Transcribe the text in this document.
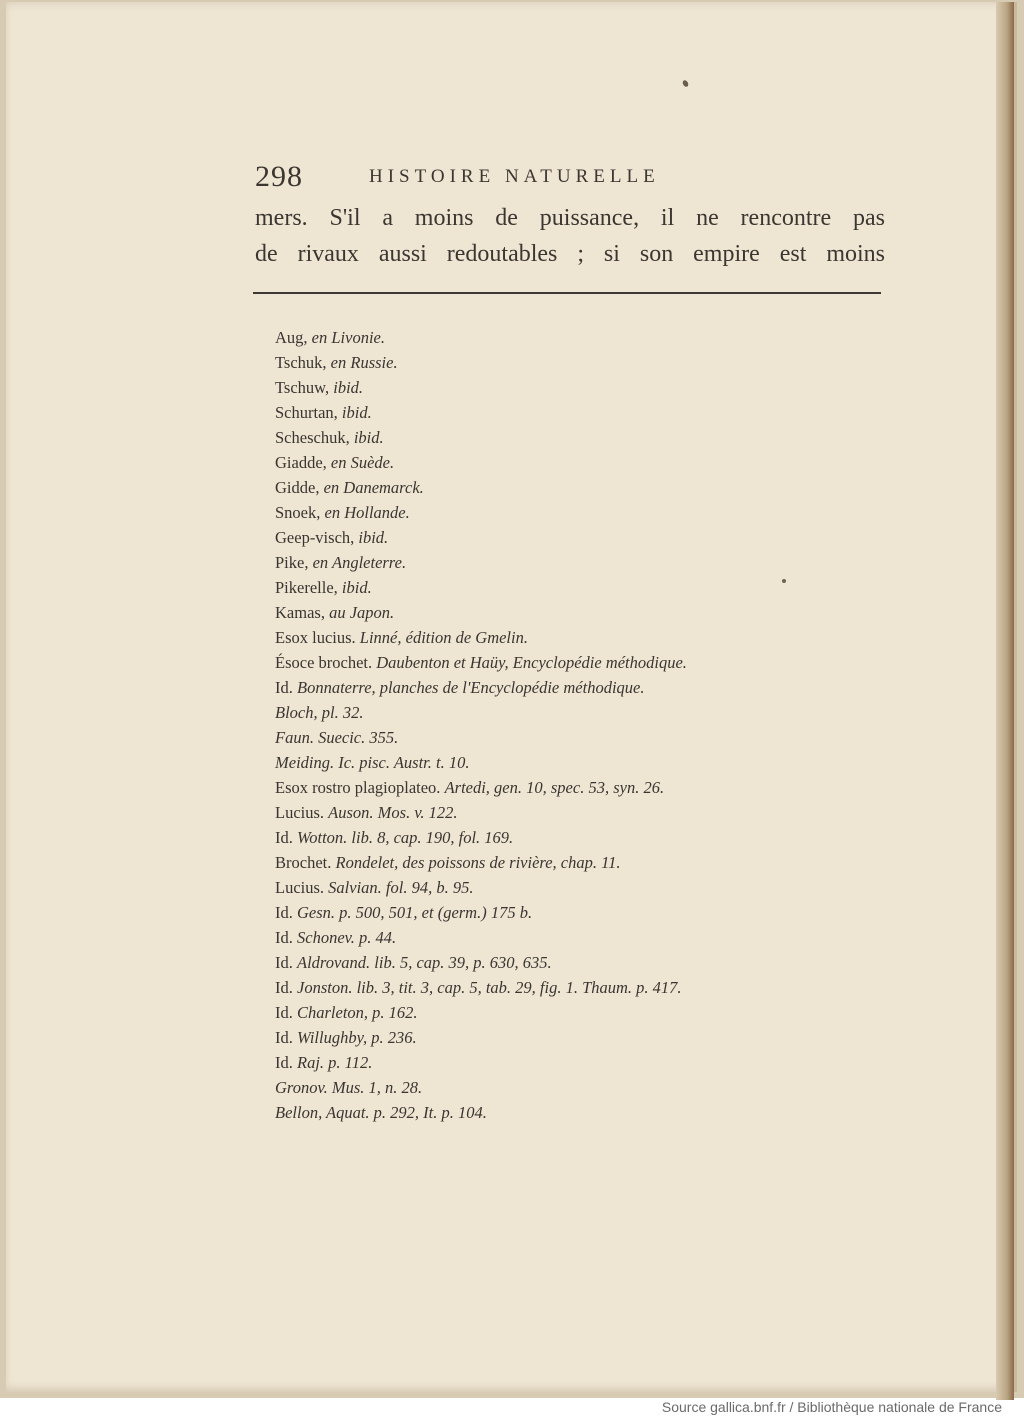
298	HISTOIRE NATURELLE
mers. S'il a moins de puissance, il ne rencontre pas
de rivaux aussi redoutables ; si son empire est moins
Aug, en Livonie.
Tschuk, en Russie.
Tschuw, ibid.
Schurtan, ibid.
Scheschuk, ibid.
Giadde, en Suède.
Gidde, en Danemarck.
Snoek, en Hollande.
Geep-visch, ibid.
Pike, en Angleterre.
Pikerelle, ibid.
Kamas, au Japon.
Esox lucius. Linné, édition de Gmelin.
Ésoce brochet. Daubenton et Haüy, Encyclopédie méthodique.
Id. Bonnaterre, planches de l'Encyclopédie méthodique.
Bloch, pl. 32.
Faun. Suecic. 355.
Meiding. Ic. pisc. Austr. t. 10.
Esox rostro plagioplateo. Artedi, gen. 10, spec. 53, syn. 26.
Lucius. Auson. Mos. v. 122.
Id. Wotton. lib. 8, cap. 190, fol. 169.
Brochet. Rondelet, des poissons de rivière, chap. 11.
Lucius. Salvian. fol. 94, b. 95.
Id. Gesn. p. 500, 501, et (germ.) 175 b.
Id. Schonev. p. 44.
Id. Aldrovand. lib. 5, cap. 39, p. 630, 635.
Id. Jonston. lib. 3, tit. 3, cap. 5, tab. 29, fig. 1. Thaum. p. 417.
Id. Charleton, p. 162.
Id. Willughby, p. 236.
Id. Raj. p. 112.
Gronov. Mus. 1, n. 28.
Bellon, Aquat. p. 292, It. p. 104.
Source gallica.bnf.fr / Bibliothèque nationale de France
